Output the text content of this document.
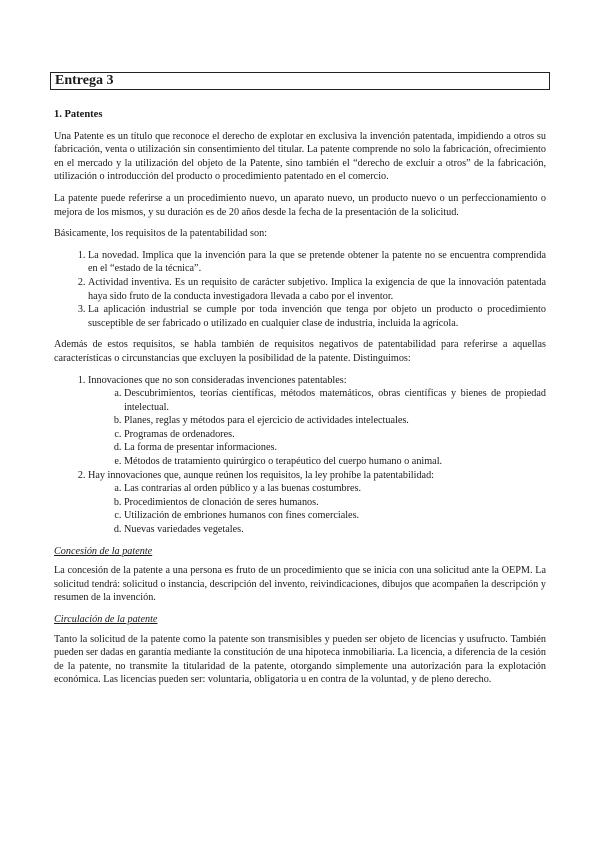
Entrega 3
1. Patentes

Una Patente es un título que reconoce el derecho de explotar en exclusiva la invención patentada, impidiendo a otros su fabricación, venta o utilización sin consentimiento del titular. La patente comprende no solo la fabricación, ofrecimiento en el mercado y la utilización del objeto de la Patente, sino también el “derecho de excluir a otros” de la fabricación, utilización o introducción del producto o procedimiento patentado en el comercio.

La patente puede referirse a un procedimiento nuevo, un aparato nuevo, un producto nuevo o un perfeccionamiento o mejora de los mismos, y su duración es de 20 años desde la fecha de la presentación de la solicitud.

Básicamente, los requisitos de la patentabilidad son:

1. La novedad. Implica que la invención para la que se pretende obtener la patente no se encuentra comprendida en el “estado de la técnica”.
2. Actividad inventiva. Es un requisito de carácter subjetivo. Implica la exigencia de que la innovación patentada haya sido fruto de la conducta investigadora llevada a cabo por el inventor.
3. La aplicación industrial se cumple por toda invención que tenga por objeto un producto o procedimiento susceptible de ser fabricado o utilizado en cualquier clase de industria, incluida la agrícola.

Además de estos requisitos, se habla también de requisitos negativos de patentabilidad para referirse a aquellas características o circunstancias que excluyen la posibilidad de la patente. Distinguimos:

1. Innovaciones que no son consideradas invenciones patentables:
a. Descubrimientos, teorías científicas, métodos matemáticos, obras científicas y bienes de propiedad intelectual.
b. Planes, reglas y métodos para el ejercicio de actividades intelectuales.
c. Programas de ordenadores.
d. La forma de presentar informaciones.
e. Métodos de tratamiento quirúrgico o terapéutico del cuerpo humano o animal.
2. Hay innovaciones que, aunque reúnen los requisitos, la ley prohíbe la patentabilidad:
a. Las contrarias al orden público y a las buenas costumbres.
b. Procedimientos de clonación de seres humanos.
c. Utilización de embriones humanos con fines comerciales.
d. Nuevas variedades vegetales.
Concesión de la patente

La concesión de la patente a una persona es fruto de un procedimiento que se inicia con una solicitud ante la OEPM. La solicitud tendrá: solicitud o instancia, descripción del invento, reivindicaciones, dibujos que acompañen la descripción y resumen de la invención.

Circulación de la patente

Tanto la solicitud de la patente como la patente son transmisibles y pueden ser objeto de licencias y usufructo. También pueden ser dadas en garantía mediante la constitución de una hipoteca inmobiliaria. La licencia, a diferencia de la cesión de la patente, no transmite la titularidad de la patente, otorgando simplemente una autorización para la explotación económica. Las licencias pueden ser: voluntaria, obligatoria u en contra de la voluntad, y de pleno derecho.
